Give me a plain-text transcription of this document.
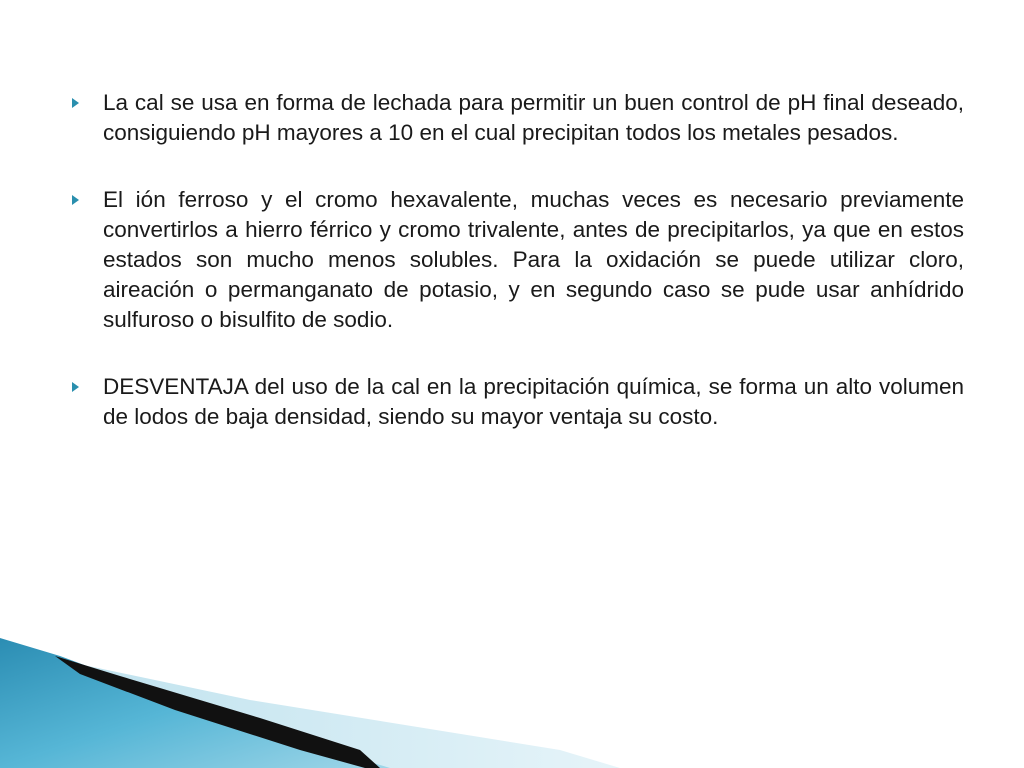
La cal se usa en forma de lechada para permitir un buen control de pH final deseado, consiguiendo pH mayores a 10 en el cual precipitan todos los metales pesados.
El ión ferroso y el cromo hexavalente, muchas veces es necesario previamente convertirlos a hierro férrico y cromo trivalente, antes de precipitarlos, ya que en estos estados son mucho menos solubles. Para la oxidación se puede utilizar cloro, aireación o permanganato de potasio, y en segundo caso se pude usar anhídrido sulfuroso o bisulfito de sodio.
DESVENTAJA del uso de la cal en la precipitación química, se forma un alto volumen de lodos de baja densidad, siendo su mayor ventaja su costo.
